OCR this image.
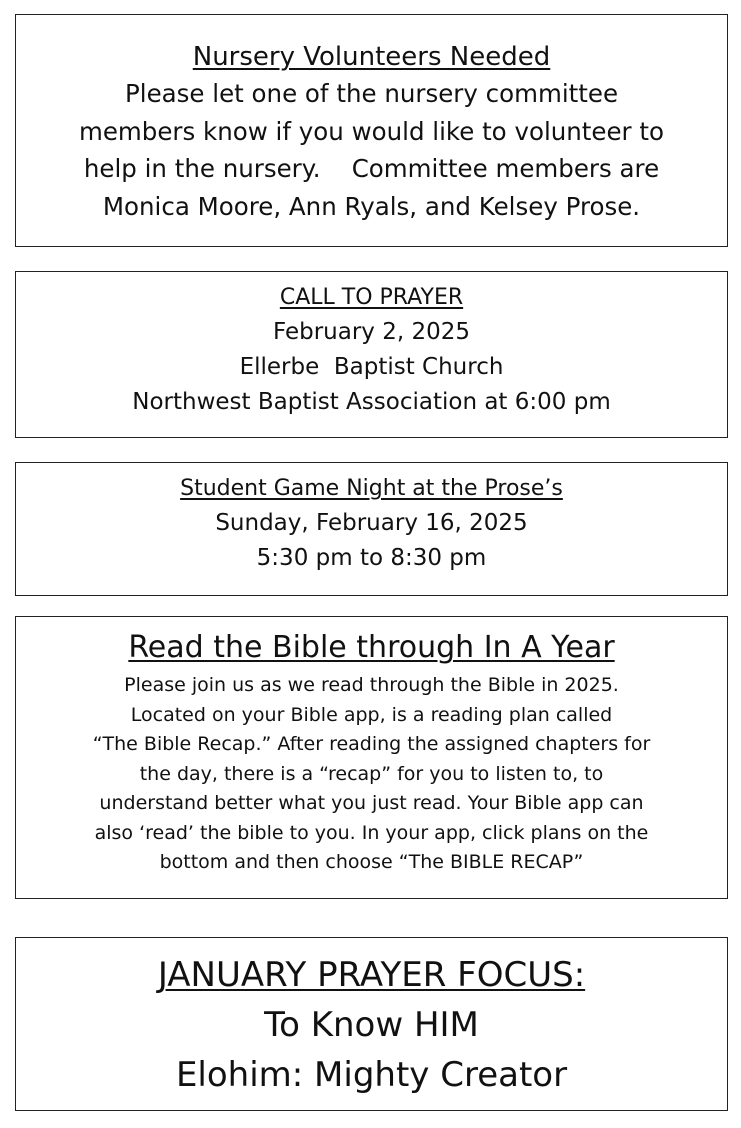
Nursery Volunteers Needed
Please let one of the nursery committee
members know if you would like to volunteer to
help in the nursery.    Committee members are
Monica Moore, Ann Ryals, and Kelsey Prose.
CALL TO PRAYER
February 2, 2025
Ellerbe  Baptist Church
Northwest Baptist Association at 6:00 pm
Student Game Night at the Prose’s
Sunday, February 16, 2025
5:30 pm to 8:30 pm
Read the Bible through In A Year
Please join us as we read through the Bible in 2025.
Located on your Bible app, is a reading plan called
“The Bible Recap.” After reading the assigned chapters for
the day, there is a “recap” for you to listen to, to
understand better what you just read. Your Bible app can
also ‘read’ the bible to you. In your app, click plans on the
bottom and then choose “The BIBLE RECAP”
JANUARY PRAYER FOCUS:
To Know HIM
Elohim: Mighty Creator
